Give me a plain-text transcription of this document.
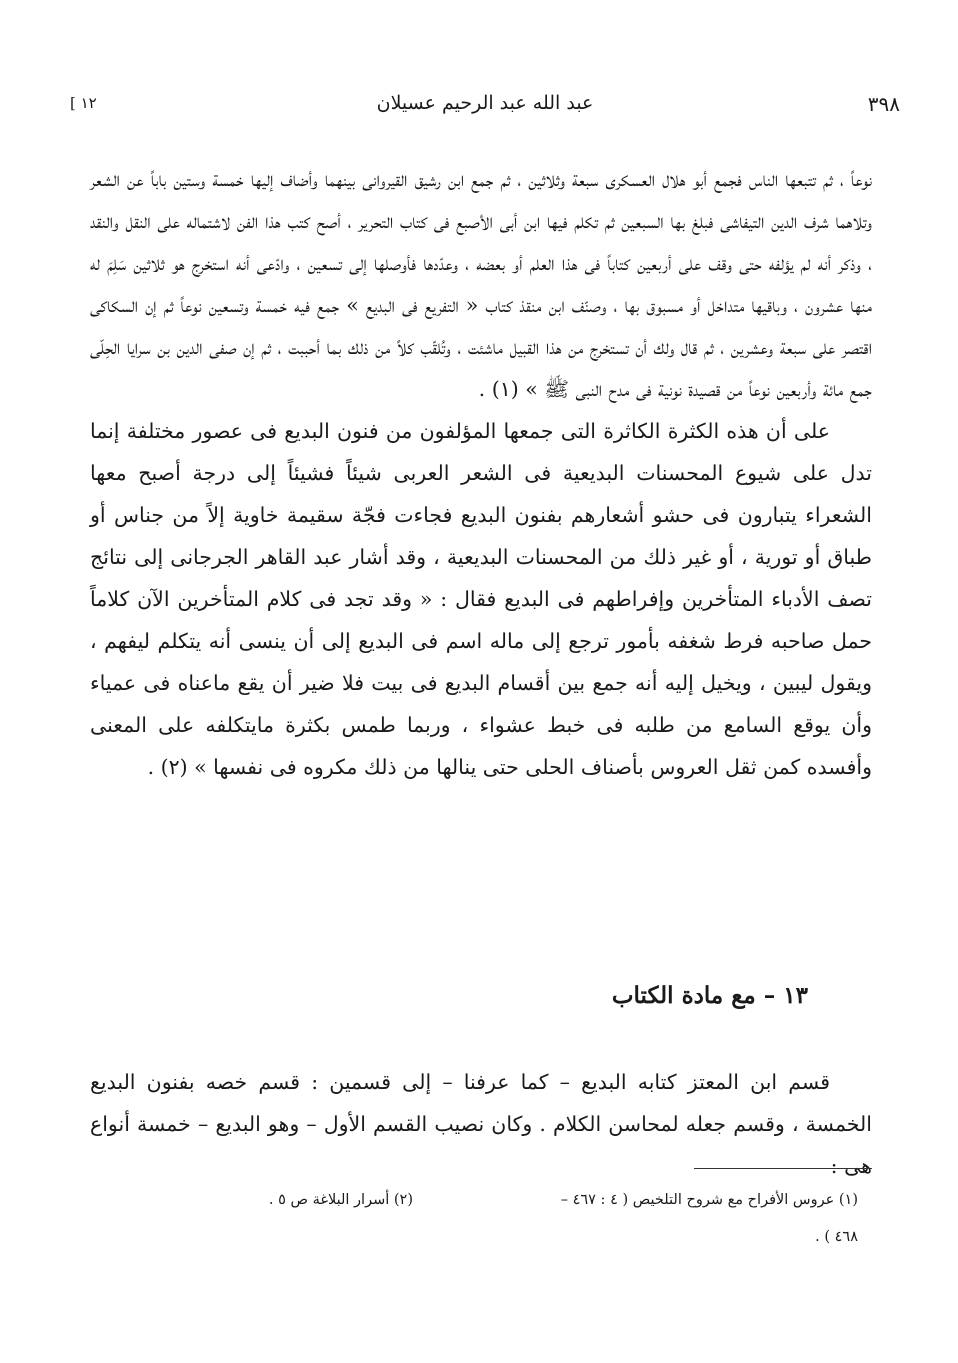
٣٩٨
عبد الله عبد الرحيم عسيلان
[ ١٢

نوعاً ، ثم تتبعها الناس فجمع أبو هلال العسكرى سبعة وثلاثين ، ثم جمع ابن رشيق القيروانى بينهما وأضاف إليها خمسة وستين باباً عن الشعر وتلاهما شرف الدين التيفاشى فبلغ بها السبعين ثم تكلم فيها ابن أبى الأصبع فى كتاب التحرير ، أصح كتب هذا الفن لاشتماله على النقل والنقد ، وذكر أنه لم يؤلفه حتى وقف على أربعين كتاباً فى هذا العلم أو بعضه ، وعدّدها فأوصلها إلى تسعين ، وادّعى أنه استخرج هو ثلاثين سَلِمَ له منها عشرون ، وباقيها متداخل أو مسبوق بها ، وصنّف ابن منقذ كتاب « التفريع فى البديع » جمع فيه خمسة وتسعين نوعاً ثم إن السكاكى اقتصر على سبعة وعشرين ، ثم قال ولك أن تستخرج من هذا القبيل ماشئت ، وتُلقّب كلاً من ذلك بما أحببت ، ثم إن صفى الدين بن سرايا الحِلّى جمع مائة وأربعين نوعاً من قصيدة نونية فى مدح النبى ﷺ » (١) .

على أن هذه الكثرة الكاثرة التى جمعها المؤلفون من فنون البديع فى عصور مختلفة إنما تدل على شيوع المحسنات البديعية فى الشعر العربى شيئاً فشيئاً إلى درجة أصبح معها الشعراء يتبارون فى حشو أشعارهم بفنون البديع فجاءت فجّة سقيمة خاوية إلاً من جناس أو طباق أو تورية ، أو غير ذلك من المحسنات البديعية ، وقد أشار عبد القاهر الجرجانى إلى نتائج تصف الأدباء المتأخرين وإفراطهم فى البديع فقال : « وقد تجد فى كلام المتأخرين الآن كلاماً حمل صاحبه فرط شغفه بأمور ترجع إلى ماله اسم فى البديع إلى أن ينسى أنه يتكلم ليفهم ، ويقول ليبين ، ويخيل إليه أنه جمع بين أقسام البديع فى بيت فلا ضير أن يقع ماعناه فى عمياء وأن يوقع السامع من طلبه فى خبط عشواء ، وربما طمس بكثرة مايتكلفه على المعنى وأفسده كمن ثقل العروس بأصناف الحلى حتى ينالها من ذلك مكروه فى نفسها » (٢) .

١٣ – مع مادة الكتاب

قسم ابن المعتز كتابه البديع – كما عرفنا – إلى قسمين : قسم خصه بفنون البديع الخمسة ، وقسم جعله لمحاسن الكلام . وكان نصيب القسم الأول – وهو البديع – خمسة أنواع هى :

(١) عروس الأفراح مع شروح التلخيص ( ٤ : ٤٦٧ –
(٢) أسرار البلاغة ص ٥ .
٤٦٨ ) .
